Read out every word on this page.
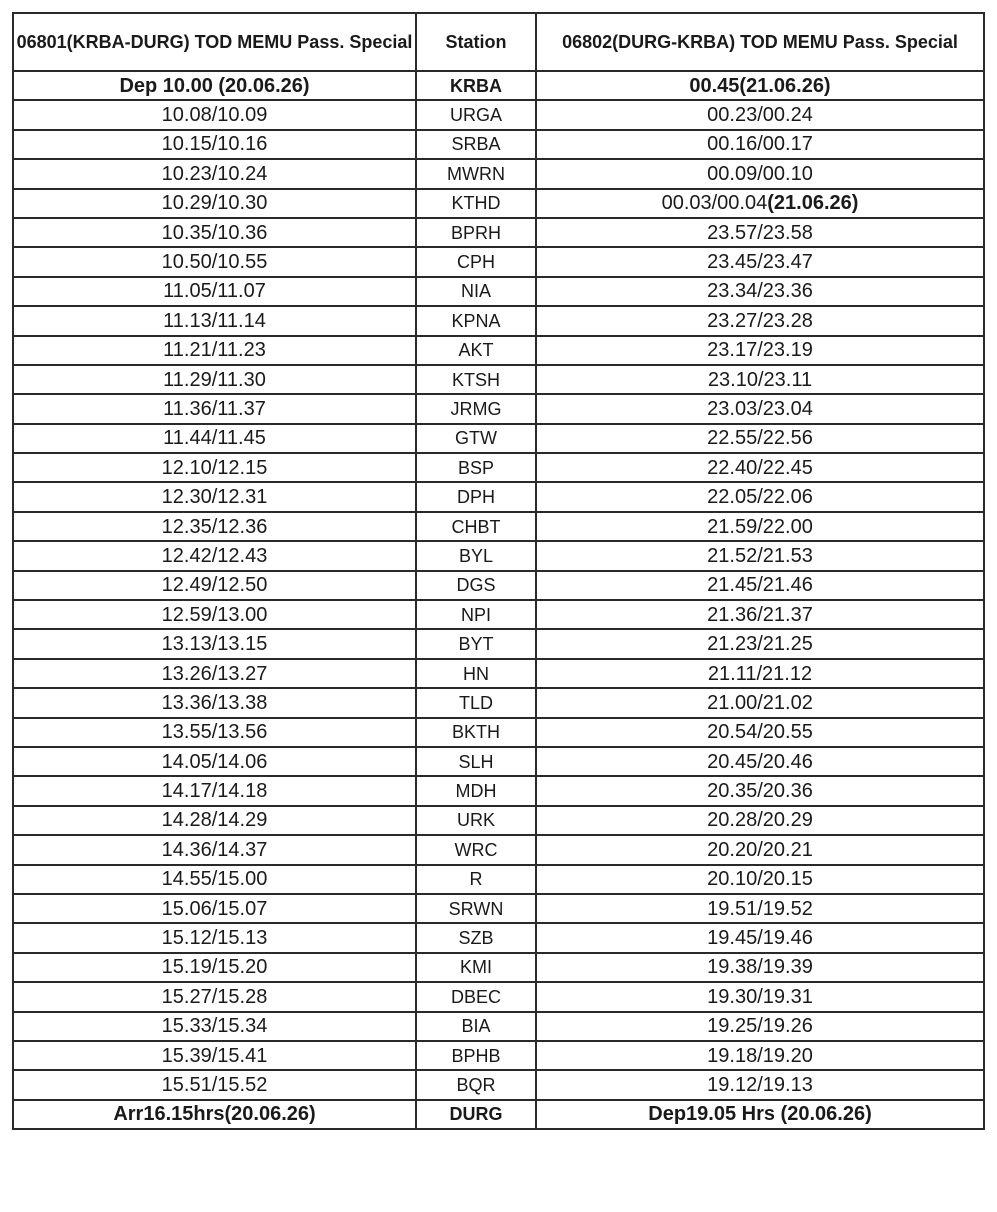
06801(KRBA-DURG) TOD MEMU Pass. Special	Station	06802(DURG-KRBA) TOD MEMU Pass. Special
Dep 10.00 (20.06.26)	KRBA	00.45(21.06.26)
10.08/10.09	URGA	00.23/00.24
10.15/10.16	SRBA	00.16/00.17
10.23/10.24	MWRN	00.09/00.10
10.29/10.30	KTHD	00.03/00.04(21.06.26)
10.35/10.36	BPRH	23.57/23.58
10.50/10.55	CPH	23.45/23.47
11.05/11.07	NIA	23.34/23.36
11.13/11.14	KPNA	23.27/23.28
11.21/11.23	AKT	23.17/23.19
11.29/11.30	KTSH	23.10/23.11
11.36/11.37	JRMG	23.03/23.04
11.44/11.45	GTW	22.55/22.56
12.10/12.15	BSP	22.40/22.45
12.30/12.31	DPH	22.05/22.06
12.35/12.36	CHBT	21.59/22.00
12.42/12.43	BYL	21.52/21.53
12.49/12.50	DGS	21.45/21.46
12.59/13.00	NPI	21.36/21.37
13.13/13.15	BYT	21.23/21.25
13.26/13.27	HN	21.11/21.12
13.36/13.38	TLD	21.00/21.02
13.55/13.56	BKTH	20.54/20.55
14.05/14.06	SLH	20.45/20.46
14.17/14.18	MDH	20.35/20.36
14.28/14.29	URK	20.28/20.29
14.36/14.37	WRC	20.20/20.21
14.55/15.00	R	20.10/20.15
15.06/15.07	SRWN	19.51/19.52
15.12/15.13	SZB	19.45/19.46
15.19/15.20	KMI	19.38/19.39
15.27/15.28	DBEC	19.30/19.31
15.33/15.34	BIA	19.25/19.26
15.39/15.41	BPHB	19.18/19.20
15.51/15.52	BQR	19.12/19.13
Arr16.15hrs(20.06.26)	DURG	Dep19.05 Hrs (20.06.26)
